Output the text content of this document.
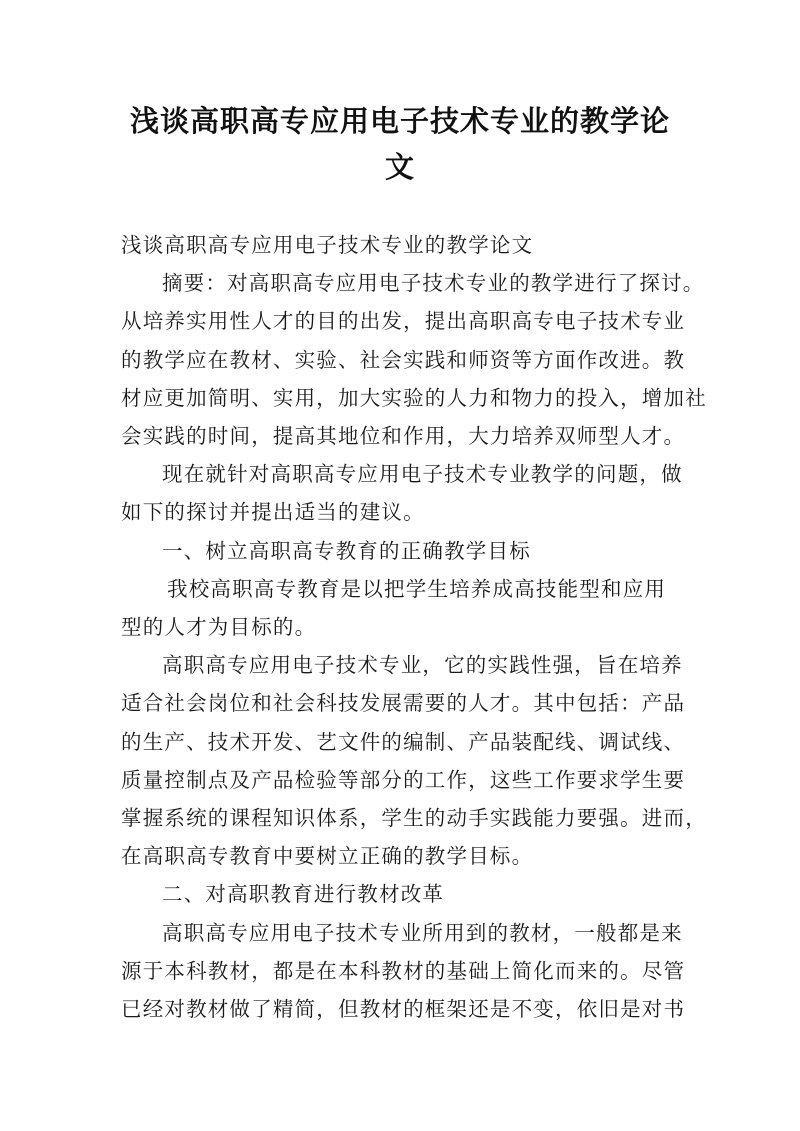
浅谈高职高专应用电子技术专业的教学论
文
浅谈高职高专应用电子技术专业的教学论文
摘要：对高职高专应用电子技术专业的教学进行了探讨。
从培养实用性人才的目的出发，提出高职高专电子技术专业
的教学应在教材、实验、社会实践和师资等方面作改进。教
材应更加简明、实用，加大实验的人力和物力的投入，增加社
会实践的时间，提高其地位和作用，大力培养双师型人才。
现在就针对高职高专应用电子技术专业教学的问题，做
如下的探讨并提出适当的建议。
一、树立高职高专教育的正确教学目标
我校高职高专教育是以把学生培养成高技能型和应用
型的人才为目标的。
高职高专应用电子技术专业，它的实践性强，旨在培养
适合社会岗位和社会科技发展需要的人才。其中包括：产品
的生产、技术开发、艺文件的编制、产品装配线、调试线、
质量控制点及产品检验等部分的工作，这些工作要求学生要
掌握系统的课程知识体系，学生的动手实践能力要强。进而，
在高职高专教育中要树立正确的教学目标。
二、对高职教育进行教材改革
高职高专应用电子技术专业所用到的教材，一般都是来
源于本科教材，都是在本科教材的基础上简化而来的。尽管
已经对教材做了精简，但教材的框架还是不变，依旧是对书
